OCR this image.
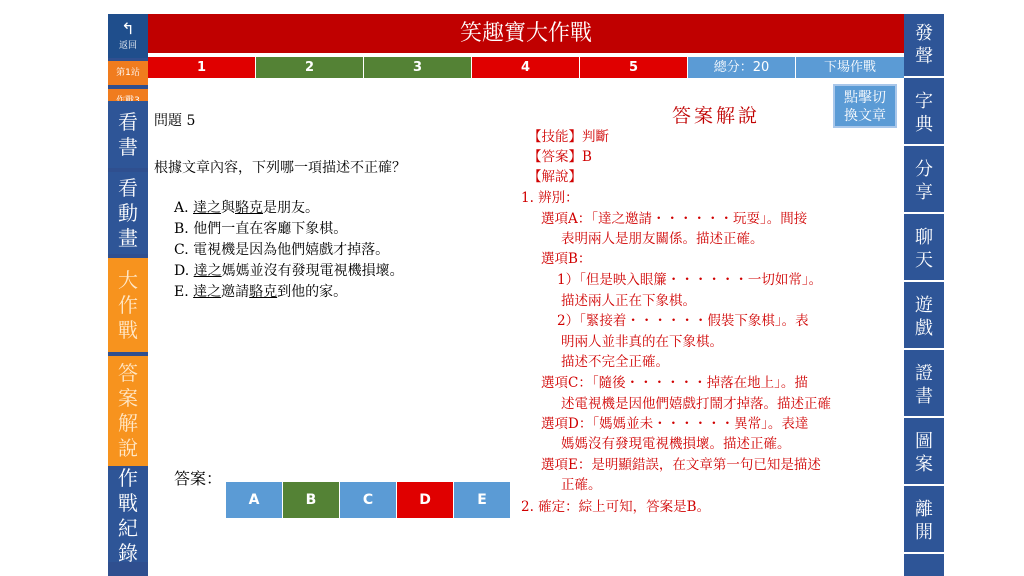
↰
返回
第1站
看
書
看
動
畫
大
作
戰
答
案
解
說
作
戰
紀
錄
笑趣寶大作戰
1	2	3	4	5	總分：20	下場作戰
發
聲
字
典
分
享
聊
天
遊
戲
證
書
圖
案
離
開
問題 5
根據文章內容，下列哪一項描述不正確？
A. 達之與駱克是朋友。
B. 他們一直在客廳下象棋。
C. 電視機是因為他們嬉戲才掉落。
D. 達之媽媽並沒有發現電視機損壞。
E. 達之邀請駱克到他的家。
答案：
A	B	C	D	E
點擊切
換文章
答案解說
【技能】判斷
【答案】B
【解說】
1. 辨別：
選項A：「達之邀請・・・・・・玩耍」。間接
表明兩人是朋友關係。描述正確。
選項B：
1）「但是映入眼簾・・・・・・一切如常」。
描述兩人正在下象棋。
2）「緊接着・・・・・・假裝下象棋」。表
明兩人並非真的在下象棋。
描述不完全正確。
選項C：「隨後・・・・・・掉落在地上」。描
述電視機是因他們嬉戲打鬧才掉落。描述正確
選項D：「媽媽並未・・・・・・異常」。表達
媽媽沒有發現電視機損壞。描述正確。
選項E：是明顯錯誤，在文章第一句已知是描述
正確。
2. 確定：綜上可知，答案是B。
